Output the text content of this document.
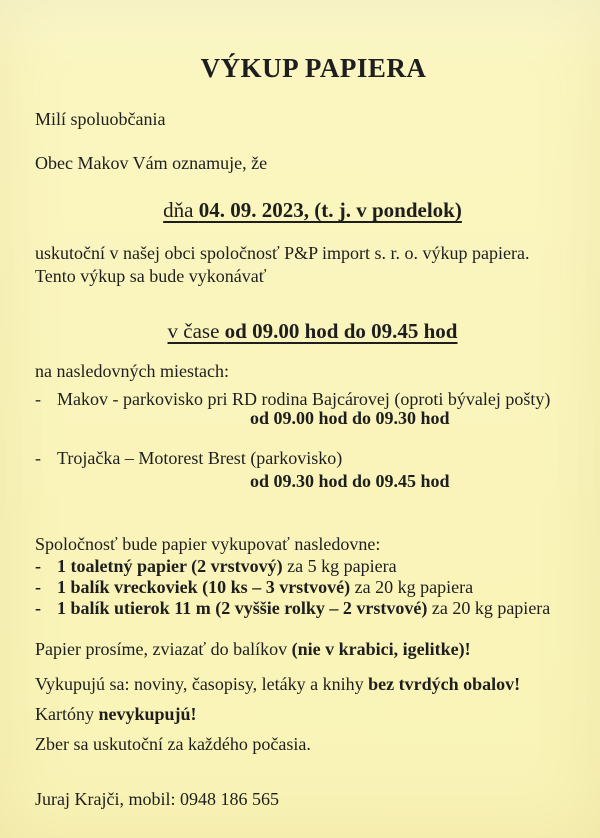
VÝKUP PAPIERA
Milí spoluobčania
Obec Makov Vám oznamuje, že
dňa 04. 09. 2023, (t. j. v pondelok)
uskutoční v našej obci spoločnosť P&P import s. r. o. výkup papiera.
Tento výkup sa bude vykonávať
v čase od 09.00 hod do 09.45 hod
na nasledovných miestach:
- Makov - parkovisko pri RD rodina Bajcárovej (oproti bývalej pošty)
od 09.00 hod do 09.30 hod
- Trojačka – Motorest Brest (parkovisko)
od 09.30 hod do 09.45 hod
Spoločnosť bude papier vykupovať nasledovne:
- 1 toaletný papier (2 vrstvový) za 5 kg papiera
- 1 balík vreckoviek (10 ks – 3 vrstvové) za 20 kg papiera
- 1 balík utierok 11 m (2 vyššie rolky – 2 vrstvové) za 20 kg papiera
Papier prosíme, zviazať do balíkov (nie v krabici, igelitke)!
Vykupujú sa: noviny, časopisy, letáky a knihy bez tvrdých obalov!
Kartóny nevykupujú!
Zber sa uskutoční za každého počasia.
Juraj Krajči, mobil: 0948 186 565
